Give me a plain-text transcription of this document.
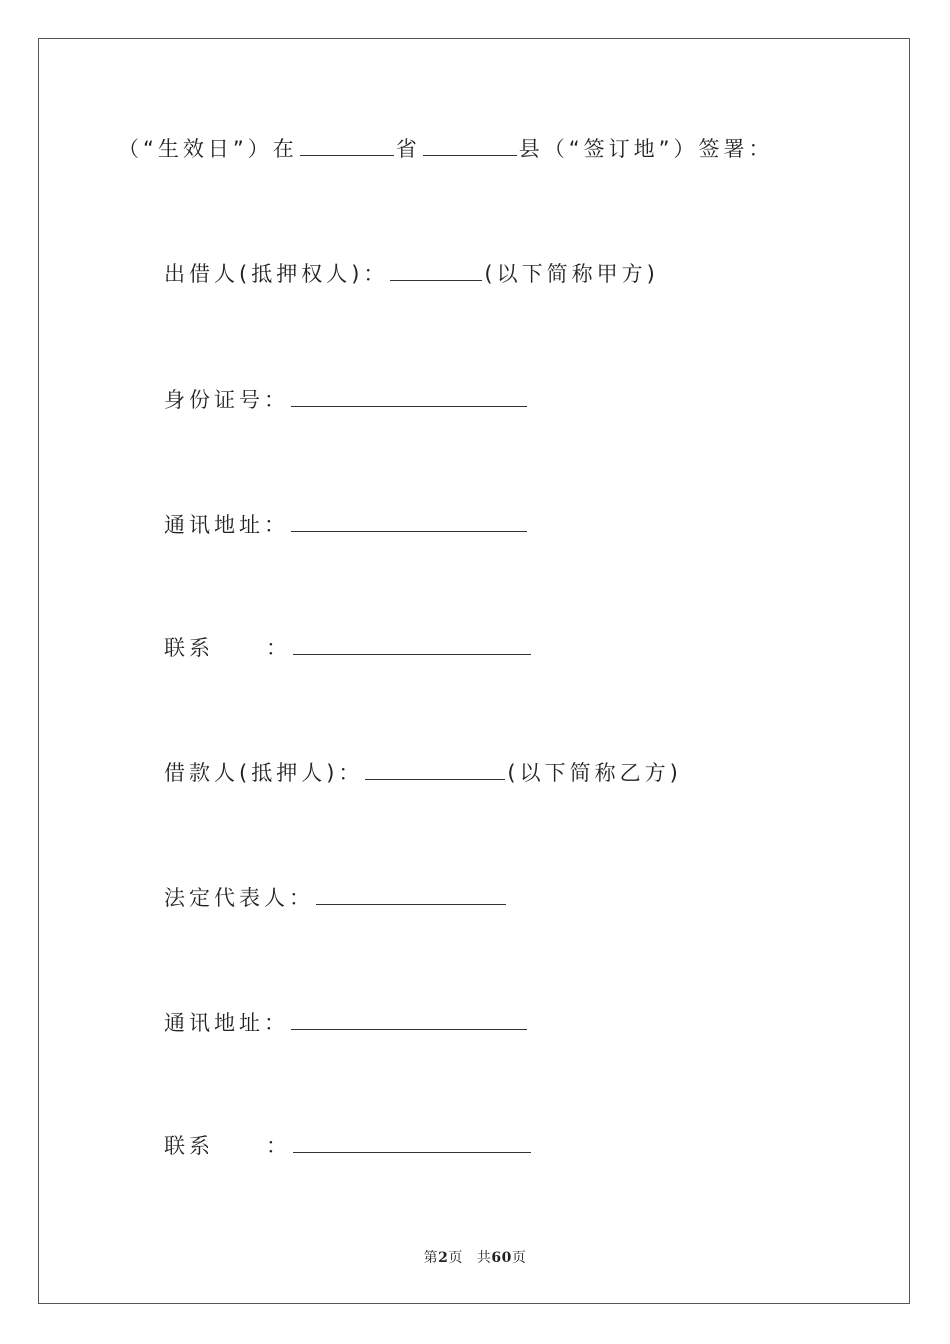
（“生效日”）在	省	县（“签订地”）签署：
出借人(抵押权人)：	(以下简称甲方)
身份证号：
通讯地址：
联系 ：
借款人(抵押人)：	(以下简称乙方)
法定代表人：
通讯地址：
联系 ：
第2页 共60页
